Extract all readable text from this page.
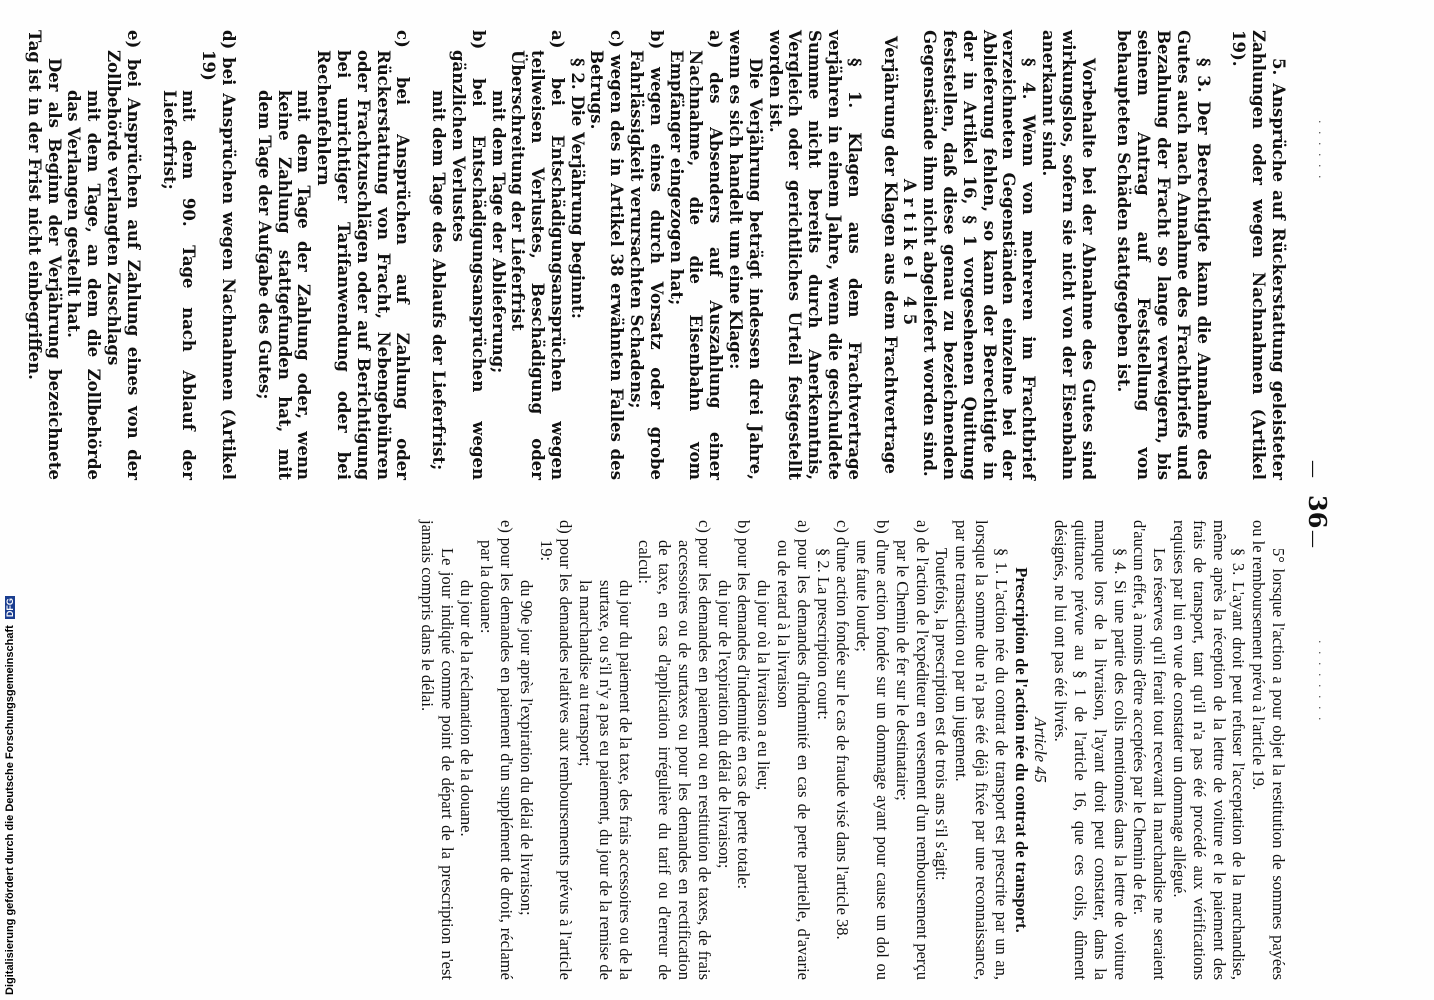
· · · · · ·
—
36
—
· · · · · · · ·

5. Ansprüche auf Rückerstattung geleisteter Zahlungen oder wegen Nachnahmen (Artikel 19).

§ 3. Der Berechtigte kann die Annahme des Gutes auch nach Annahme des Frachtbriefs und Bezahlung der Fracht so lange verweigern, bis seinem Antrag auf Feststellung von behaupteten Schäden stattgegeben ist.

Vorbehalte bei der Abnahme des Gutes sind wirkungslos, sofern sie nicht von der Eisenbahn anerkannt sind.

§ 4. Wenn von mehreren im Frachtbrief verzeichneten Gegenständen einzelne bei der Ablieferung fehlen, so kann der Berechtigte in der in Artikel 16, § 1 vorgesehenen Quittung feststellen, daß diese genau zu bezeichnenden Gegenstände ihm nicht abgeliefert worden sind.

Artikel 45

Verjährung der Klagen aus dem Frachtvertrage

§ 1. Klagen aus dem Frachtvertrage verjähren in einem Jahre, wenn die geschuldete Summe nicht bereits durch Anerkenntnis, Vergleich oder gerichtliches Urteil festgestellt worden ist.

Die Verjährung beträgt indessen drei Jahre, wenn es sich handelt um eine Klage:

a) des Absenders auf Auszahlung einer Nachnahme, die die Eisenbahn vom Empfänger eingezogen hat;

b) wegen eines durch Vorsatz oder grobe Fahrlässigkeit verursachten Schadens;

c) wegen des in Artikel 38 erwähnten Falles des Betrugs.

§ 2. Die Verjährung beginnt:

a) bei Entschädigungsansprüchen wegen teilweisen Verlustes, Beschädigung oder Überschreitung der Lieferfrist

mit dem Tage der Ablieferung;

b) bei Entschädigungsansprüchen wegen gänzlichen Verlustes

mit dem Tage des Ablaufs der Lieferfrist;

c) bei Ansprüchen auf Zahlung oder Rückerstattung von Fracht, Nebengebühren oder Frachtzuschlägen oder auf Berichtigung bei unrichtiger Tarifanwendung oder bei Rechenfehlern

mit dem Tage der Zahlung oder, wenn keine Zahlung stattgefunden hat, mit dem Tage der Aufgabe des Gutes;

d) bei Ansprüchen wegen Nachnahmen (Artikel 19)

mit dem 90. Tage nach Ablauf der Lieferfrist;

e) bei Ansprüchen auf Zahlung eines von der Zollbehörde verlangten Zuschlags

mit dem Tage, an dem die Zollbehörde das Verlangen gestellt hat.

Der als Beginn der Verjährung bezeichnete Tag ist in der Frist nicht einbegriffen.

5° lorsque l'action a pour objet la restitution de sommes payées ou le remboursement prévu à l'article 19.

§ 3. L'ayant droit peut refuser l'acceptation de la marchandise, même après la réception de la lettre de voiture et le paiement des frais de transport, tant qu'il n'a pas été procédé aux vérifications requises par lui en vue de constater un dommage allégué.

Les réserves qu'il ferait tout recevant la marchandise ne seraient d'aucun effet, à moins d'être acceptées par le Chemin de fer.

§ 4. Si une partie des colis mentionnés dans la lettre de voiture manque lors de la livraison, l'ayant droit peut constater, dans la quittance prévue au § 1 de l'article 16, que ces colis, dûment désignés, ne lui ont pas été livrés.

Article 45

Prescription de l'action née du contrat de transport.

§ 1. L'action née du contrat de transport est prescrite par un an, lorsque la somme due n'a pas été déjà fixée par une reconnaissance, par une transaction ou par un jugement.

Toutefois, la prescription est de trois ans s'il s'agit:

a) de l'action de l'expéditeur en versement d'un remboursement perçu par le Chemin de fer sur le destinataire;

b) d'une action fondée sur un dommage ayant pour cause un dol ou une faute lourde;

c) d'une action fondée sur le cas de fraude visé dans l'article 38.

§ 2. La prescription court:

a) pour les demandes d'indemnité en cas de perte partielle, d'avarie ou de retard à la livraison

du jour où la livraison a eu lieu;

b) pour les demandes d'indemnité en cas de perte totale:

du jour de l'expiration du délai de livraison;

c) pour les demandes en paiement ou en restitution de taxes, de frais accessoires ou de surtaxes ou pour les demandes en rectification de taxe, en cas d'application irrégulière du tarif ou d'erreur de calcul:

du jour du paiement de la taxe, des frais accessoires ou de la surtaxe, ou s'il n'y a pas eu paiement, du jour de la remise de la marchandise au transport;

d) pour les demandes relatives aux remboursements prévus à l'article 19:

du 90e jour après l'expiration du délai de livraison;

e) pour les demandes en paiement d'un supplément de droit, réclamé par la douane:

du jour de la réclamation de la douane.

Le jour indiqué comme point de départ de la prescription n'est jamais compris dans le délai.

Digitalisierung gefördert durch die Deutsche Forschungsgemeinschaft DFG
